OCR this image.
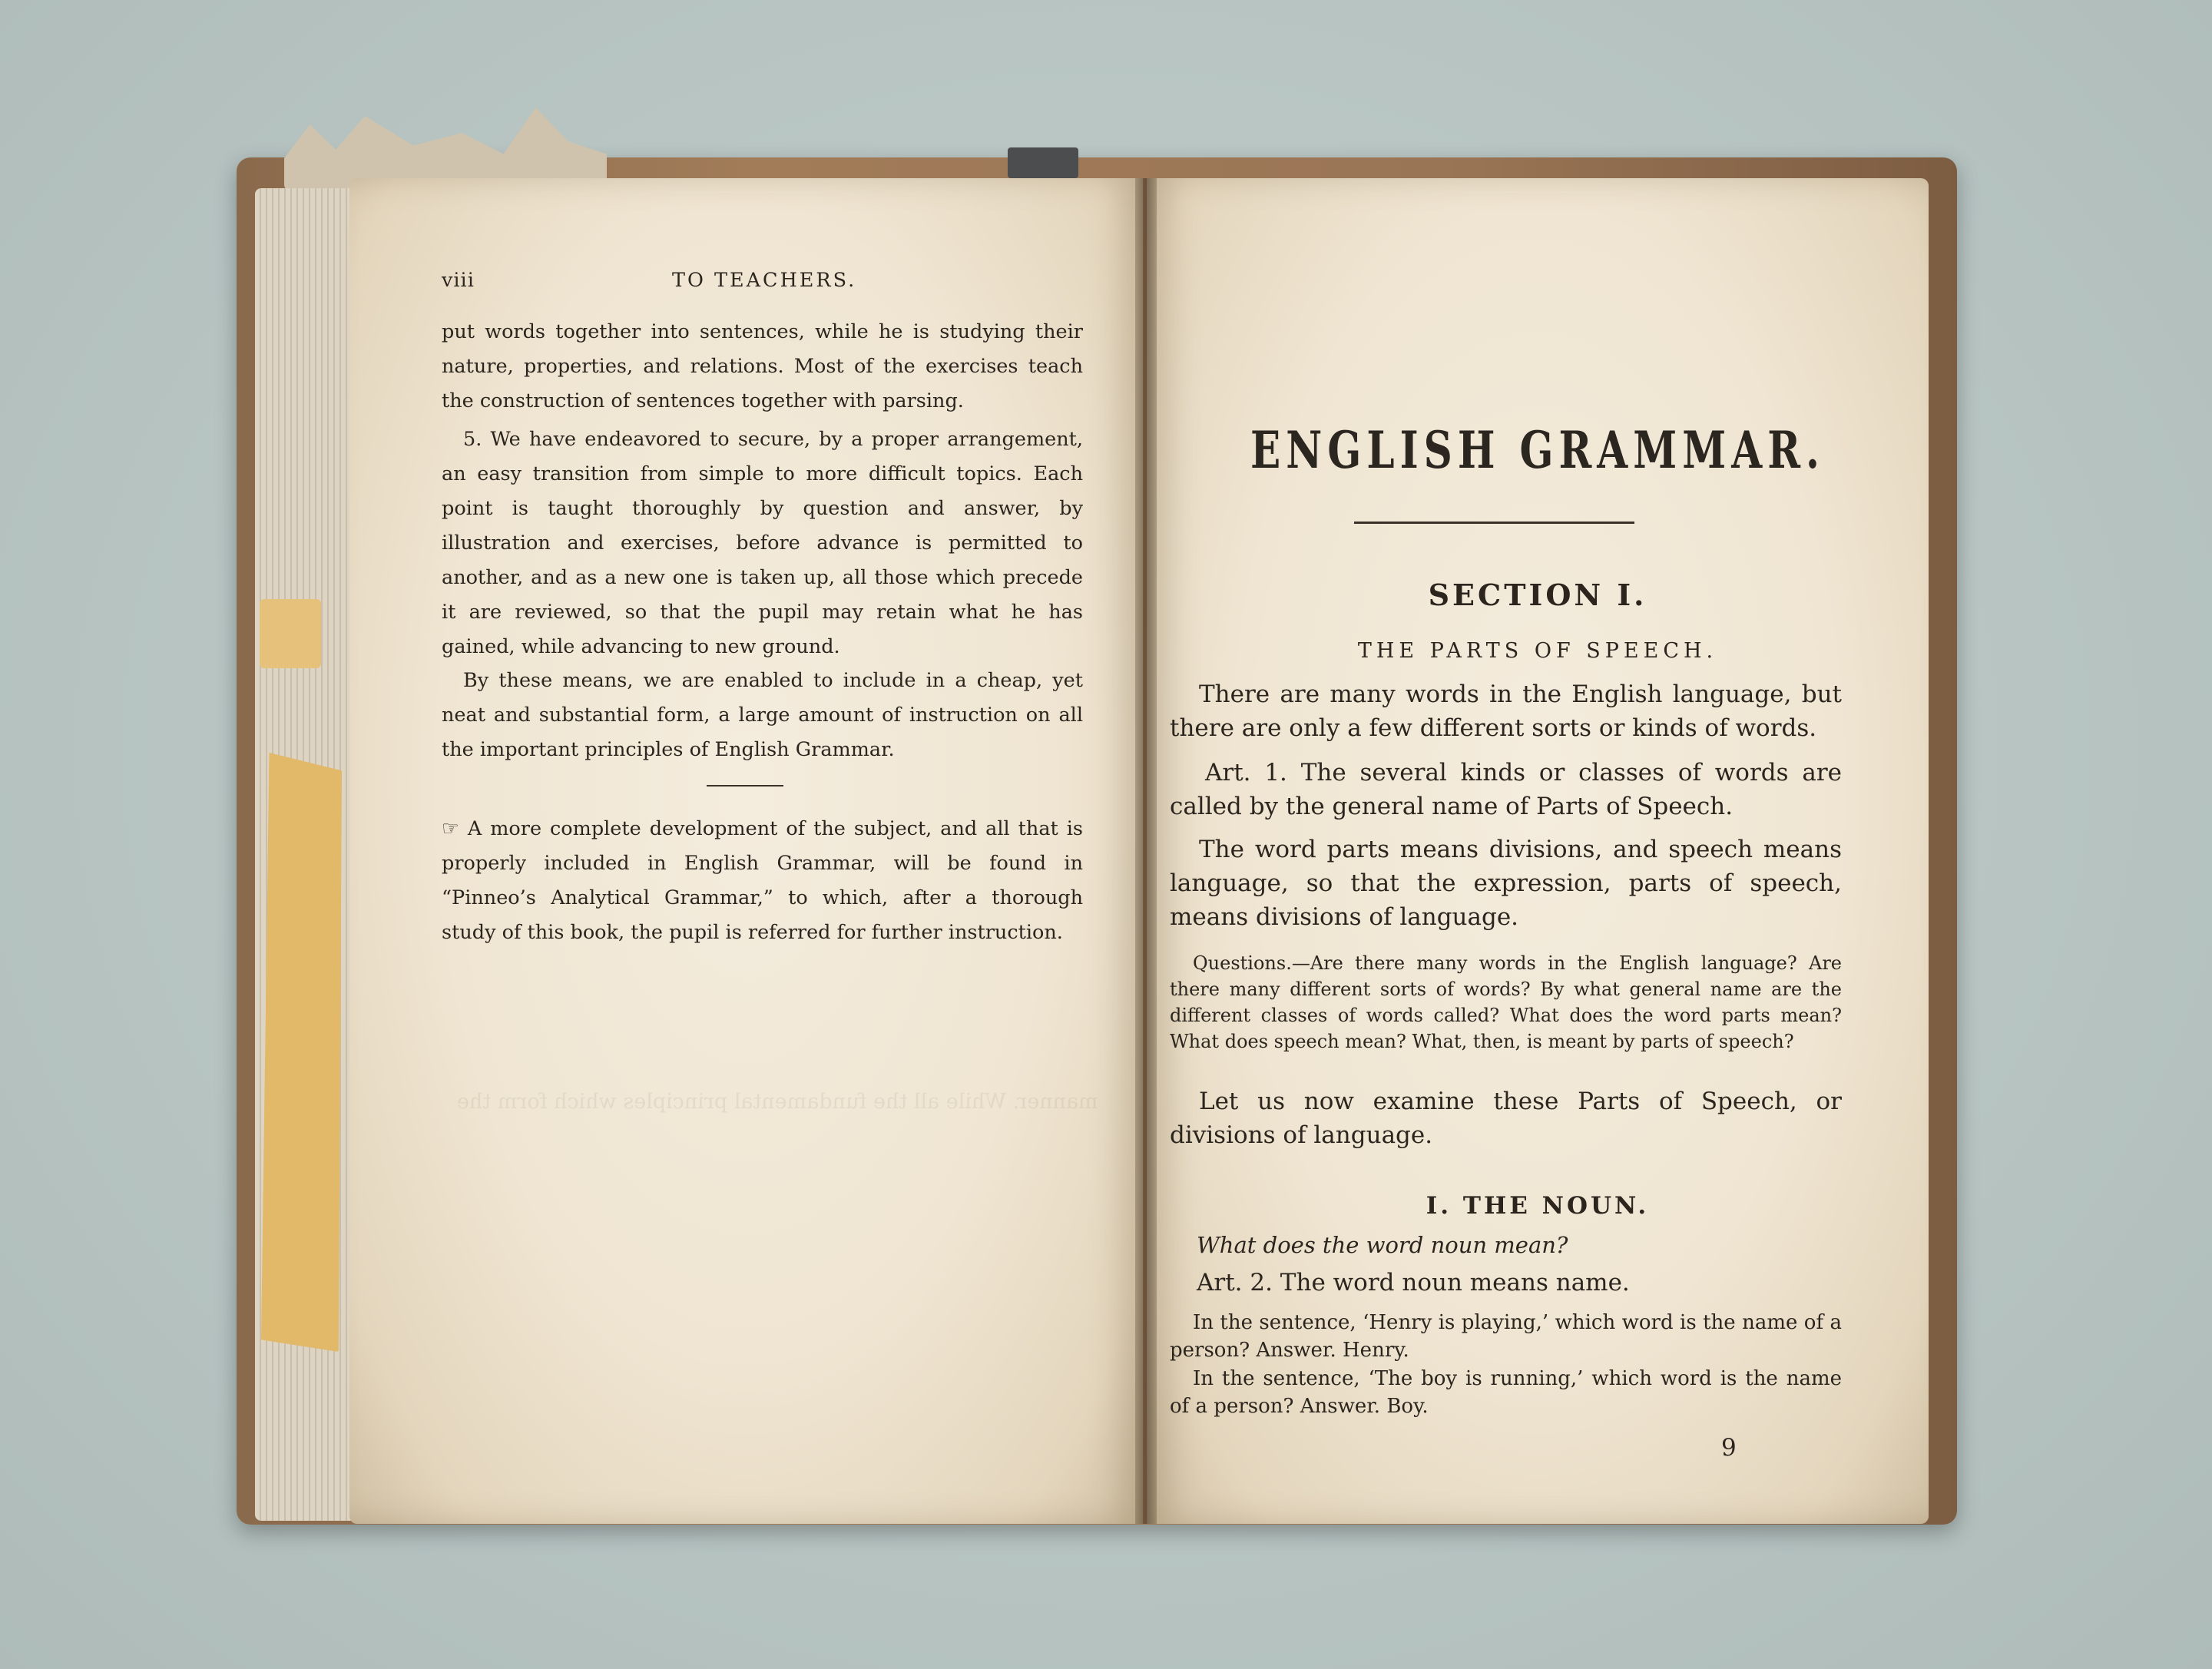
viii	TO TEACHERS.
put words together into sentences, while he is studying their nature, properties, and relations. Most of the exercises teach the construction of sentences together with parsing.
5. We have endeavored to secure, by a proper arrangement, an easy transition from simple to more difficult topics. Each point is taught thoroughly by question and answer, by illustration and exercises, before advance is permitted to another, and as a new one is taken up, all those which precede it are reviewed, so that the pupil may retain what he has gained, while advancing to new ground.
By these means, we are enabled to include in a cheap, yet neat and substantial form, a large amount of instruction on all the important principles of English Grammar.
☞ A more complete development of the subject, and all that is properly included in English Grammar, will be found in “Pinneo’s Analytical Grammar,” to which, after a thorough study of this book, the pupil is referred for further instruction.
manner. While all the fundamental principles which form the
ENGLISH GRAMMAR.
SECTION I.
THE PARTS OF SPEECH.
There are many words in the English language, but there are only a few different sorts or kinds of words.
Art. 1. The several kinds or classes of words are called by the general name of Parts of Speech.
The word parts means divisions, and speech means language, so that the expression, parts of speech, means divisions of language.
Questions.—Are there many words in the English language? Are there many different sorts of words? By what general name are the different classes of words called? What does the word parts mean? What does speech mean? What, then, is meant by parts of speech?
Let us now examine these Parts of Speech, or divisions of language.
I. THE NOUN.
What does the word noun mean?
Art. 2. The word noun means name.
In the sentence, ‘Henry is playing,’ which word is the name of a person? Answer. Henry.
In the sentence, ‘The boy is running,’ which word is the name of a person? Answer. Boy.
9
